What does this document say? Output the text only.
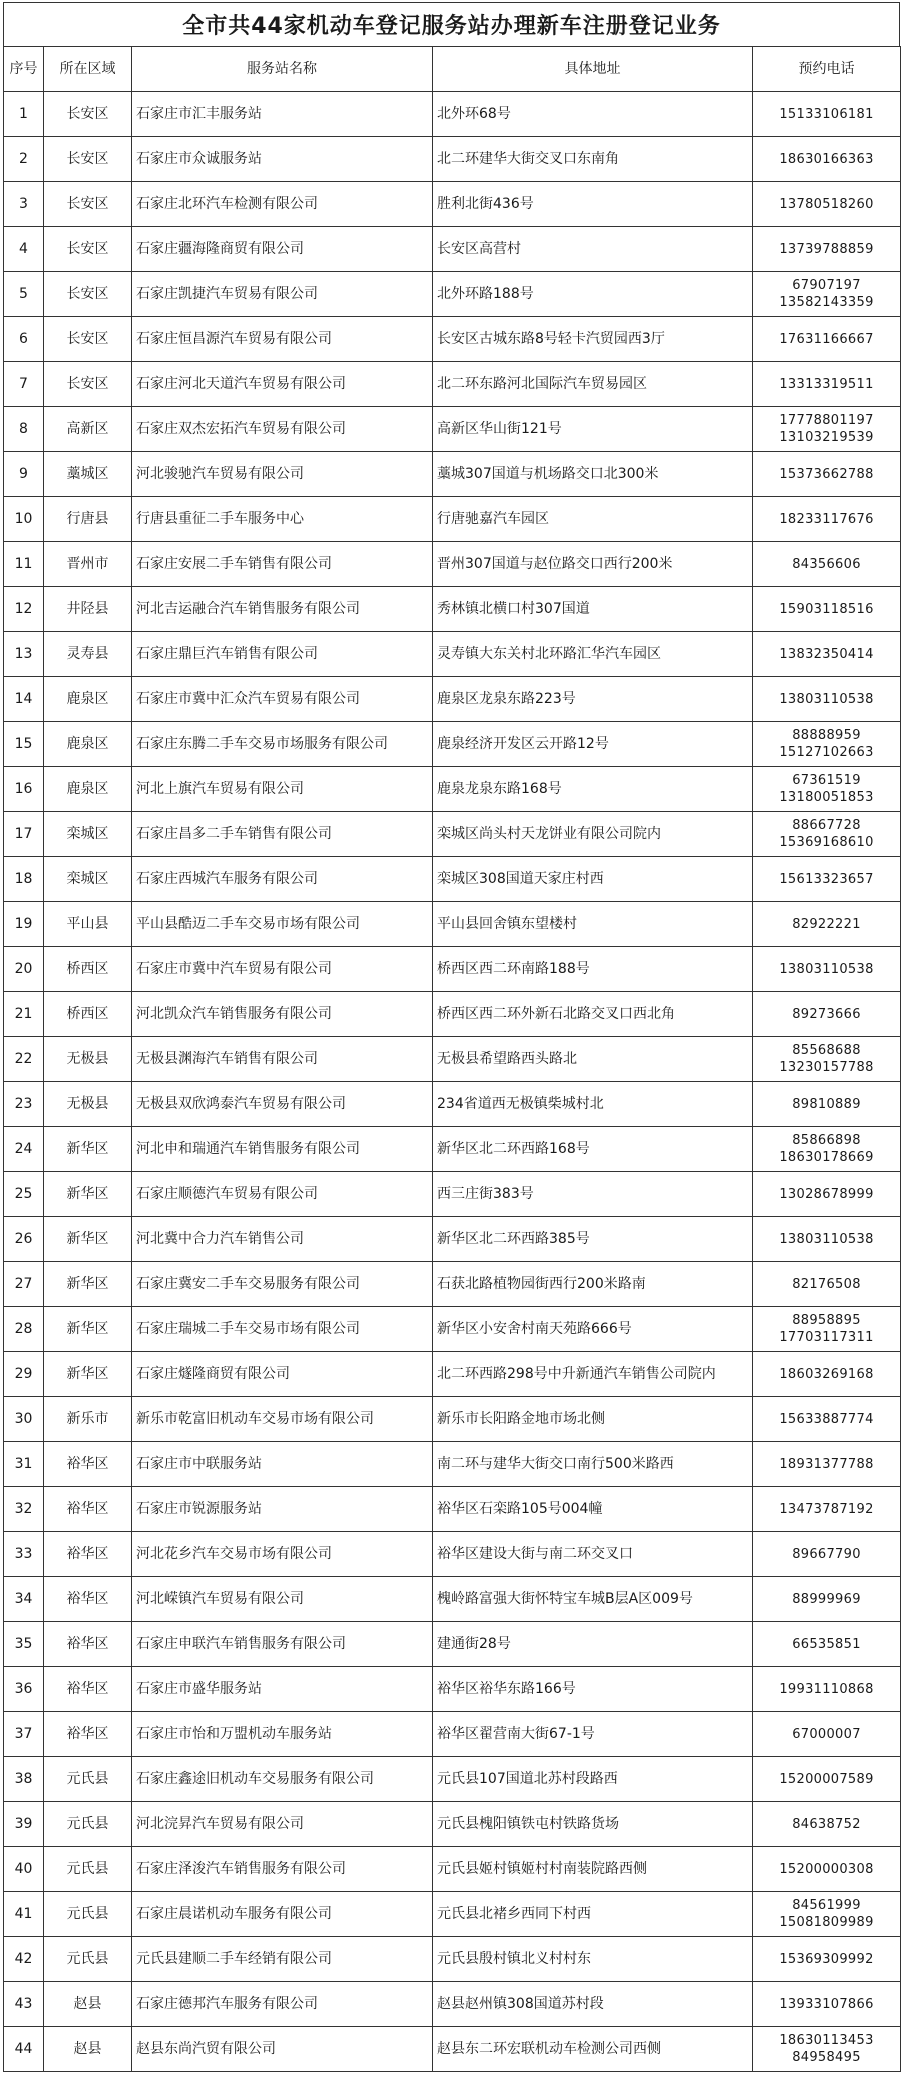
全市共44家机动车登记服务站办理新车注册登记业务
序号	所在区域	服务站名称	具体地址	预约电话
1	长安区	石家庄市汇丰服务站	北外环68号	15133106181

2	长安区	石家庄市众诚服务站	北二环建华大街交叉口东南角	18630166363

3	长安区	石家庄北环汽车检测有限公司	胜利北街436号	13780518260

4	长安区	石家庄疆海隆商贸有限公司	长安区高营村	13739788859

5	长安区	石家庄凯捷汽车贸易有限公司	北外环路188号	67907197
13582143359

6	长安区	石家庄恒昌源汽车贸易有限公司	长安区古城东路8号轻卡汽贸园西3厅	17631166667

7	长安区	石家庄河北天道汽车贸易有限公司	北二环东路河北国际汽车贸易园区	13313319511

8	高新区	石家庄双杰宏拓汽车贸易有限公司	高新区华山街121号	17778801197
13103219539

9	藁城区	河北骏驰汽车贸易有限公司	藁城307国道与机场路交口北300米	15373662788

10	行唐县	行唐县重征二手车服务中心	行唐驰嘉汽车园区	18233117676

11	晋州市	石家庄安展二手车销售有限公司	晋州307国道与赵位路交口西行200米	84356606

12	井陉县	河北吉运融合汽车销售服务有限公司	秀林镇北横口村307国道	15903118516

13	灵寿县	石家庄鼎巨汽车销售有限公司	灵寿镇大东关村北环路汇华汽车园区	13832350414

14	鹿泉区	石家庄市冀中汇众汽车贸易有限公司	鹿泉区龙泉东路223号	13803110538

15	鹿泉区	石家庄东腾二手车交易市场服务有限公司	鹿泉经济开发区云开路12号	88888959
15127102663

16	鹿泉区	河北上旗汽车贸易有限公司	鹿泉龙泉东路168号	67361519
13180051853

17	栾城区	石家庄昌多二手车销售有限公司	栾城区尚头村天龙饼业有限公司院内	88667728
15369168610

18	栾城区	石家庄西城汽车服务有限公司	栾城区308国道天家庄村西	15613323657

19	平山县	平山县酷迈二手车交易市场有限公司	平山县回舍镇东望楼村	82922221

20	桥西区	石家庄市冀中汽车贸易有限公司	桥西区西二环南路188号	13803110538

21	桥西区	河北凯众汽车销售服务有限公司	桥西区西二环外新石北路交叉口西北角	89273666

22	无极县	无极县渊海汽车销售有限公司	无极县希望路西头路北	85568688
13230157788

23	无极县	无极县双欣鸿泰汽车贸易有限公司	234省道西无极镇柴城村北	89810889

24	新华区	河北申和瑞通汽车销售服务有限公司	新华区北二环西路168号	85866898
18630178669

25	新华区	石家庄顺德汽车贸易有限公司	西三庄街383号	13028678999

26	新华区	河北冀中合力汽车销售公司	新华区北二环西路385号	13803110538

27	新华区	石家庄冀安二手车交易服务有限公司	石获北路植物园街西行200米路南	82176508

28	新华区	石家庄瑞城二手车交易市场有限公司	新华区小安舍村南天苑路666号	88958895
17703117311

29	新华区	石家庄燧隆商贸有限公司	北二环西路298号中升新通汽车销售公司院内	18603269168

30	新乐市	新乐市乾富旧机动车交易市场有限公司	新乐市长阳路金地市场北侧	15633887774

31	裕华区	石家庄市中联服务站	南二环与建华大街交口南行500米路西	18931377788

32	裕华区	石家庄市锐源服务站	裕华区石栾路105号004幢	13473787192

33	裕华区	河北花乡汽车交易市场有限公司	裕华区建设大街与南二环交叉口	89667790

34	裕华区	河北嵘镇汽车贸易有限公司	槐岭路富强大街怀特宝车城B层A区009号	88999969

35	裕华区	石家庄申联汽车销售服务有限公司	建通街28号	66535851

36	裕华区	石家庄市盛华服务站	裕华区裕华东路166号	19931110868

37	裕华区	石家庄市怡和万盟机动车服务站	裕华区翟营南大街67-1号	67000007

38	元氏县	石家庄鑫途旧机动车交易服务有限公司	元氏县107国道北苏村段路西	15200007589

39	元氏县	河北浣昇汽车贸易有限公司	元氏县槐阳镇铁屯村铁路货场	84638752

40	元氏县	石家庄泽浚汽车销售服务有限公司	元氏县姬村镇姬村村南装院路西侧	15200000308

41	元氏县	石家庄晨诺机动车服务有限公司	元氏县北褚乡西同下村西	84561999
15081809989

42	元氏县	元氏县建顺二手车经销有限公司	元氏县殷村镇北义村村东	15369309992

43	赵县	石家庄德邦汽车服务有限公司	赵县赵州镇308国道苏村段	13933107866

44	赵县	赵县东尚汽贸有限公司	赵县东二环宏联机动车检测公司西侧	18630113453
84958495
